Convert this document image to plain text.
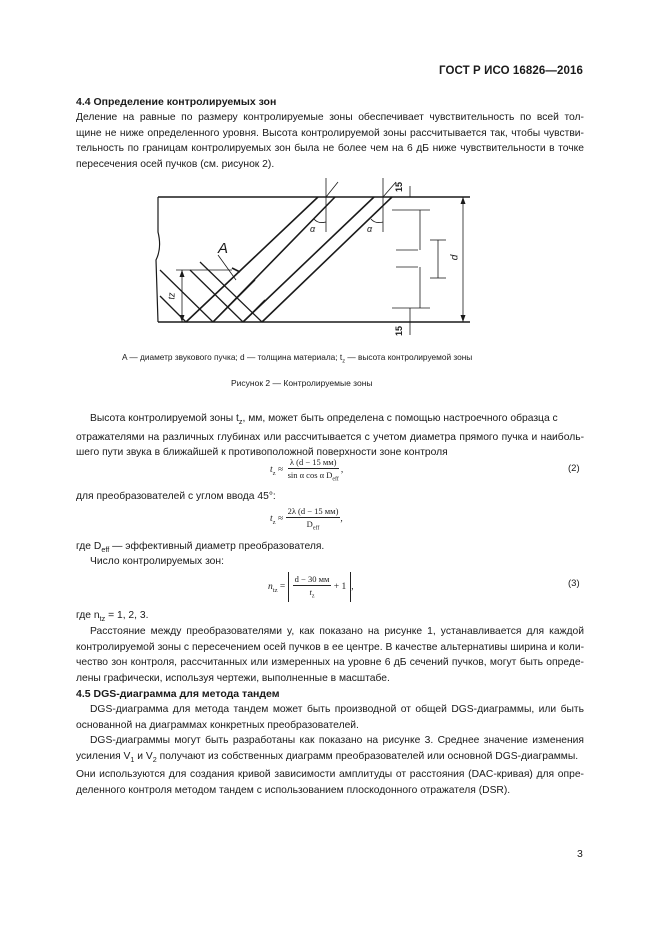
ГОСТ Р ИСО 16826—2016
4.4 Определение контролируемых зон
Деление на равные по размеру контролируемые зоны обеспечивает чувствительность по всей тол-
щине не ниже определенного уровня. Высота контролируемой зоны рассчитывается так, чтобы чувстви-
тельность по границам контролируемых зон была не более чем на 6 дБ ниже чувствительности в точке
пересечения осей пучков (см. рисунок 2).
A
α	α
tz
d
15
15
A — диаметр звукового пучка; d — толщина материала; $t_z$ — высота контролируемой зоны
Рисунок 2 — Контролируемые зоны
Высота контролируемой зоны $t_z$, мм, может быть определена с помощью настроечного образца с
отражателями на различных глубинах или рассчитывается с учетом диаметра прямого пучка и наиболь-
шего пути звука в ближайшей к противоположной поверхности зоне контроля
$t_z \approx \frac{\lambda (d - 15 мм)}{\sin \alpha \cos \alpha D_{eff}}$ ,	(2)
для преобразователей с углом ввода 45°:
$t_z \approx \frac{2\lambda (d - 15 мм)}{D_{eff}}$ ,
где $D_{eff}$ — эффективный диаметр преобразователя.
Число контролируемых зон:
$n_{tz} = \frac{d - 30 мм}{t_z} + 1$ ,	(3)
где $n_{tz} = 1$, 2, 3.
Расстояние между преобразователями y, как показано на рисунке 1, устанавливается для каждой
контролируемой зоны с пересечением осей пучков в ее центре. В качестве альтернативы ширина и коли-
чество зон контроля, рассчитанных или измеренных на уровне 6 дБ сечений пучков, могут быть опреде-
лены графически, используя чертежи, выполненные в масштабе.
4.5 DGS-диаграмма для метода тандем
DGS-диаграмма для метода тандем может быть производной от общей DGS-диаграммы, или быть
основанной на диаграммах конкретных преобразователей.
DGS-диаграммы могут быть разработаны как показано на рисунке 3. Среднее значение изменения
усиления $V_1$ и $V_2$ получают из собственных диаграмм преобразователей или основной DGS-диаграммы.
Они используются для создания кривой зависимости амплитуды от расстояния (DAC-кривая) для опре-
деленного контроля методом тандем с использованием плоскодонного отражателя (DSR).
3
